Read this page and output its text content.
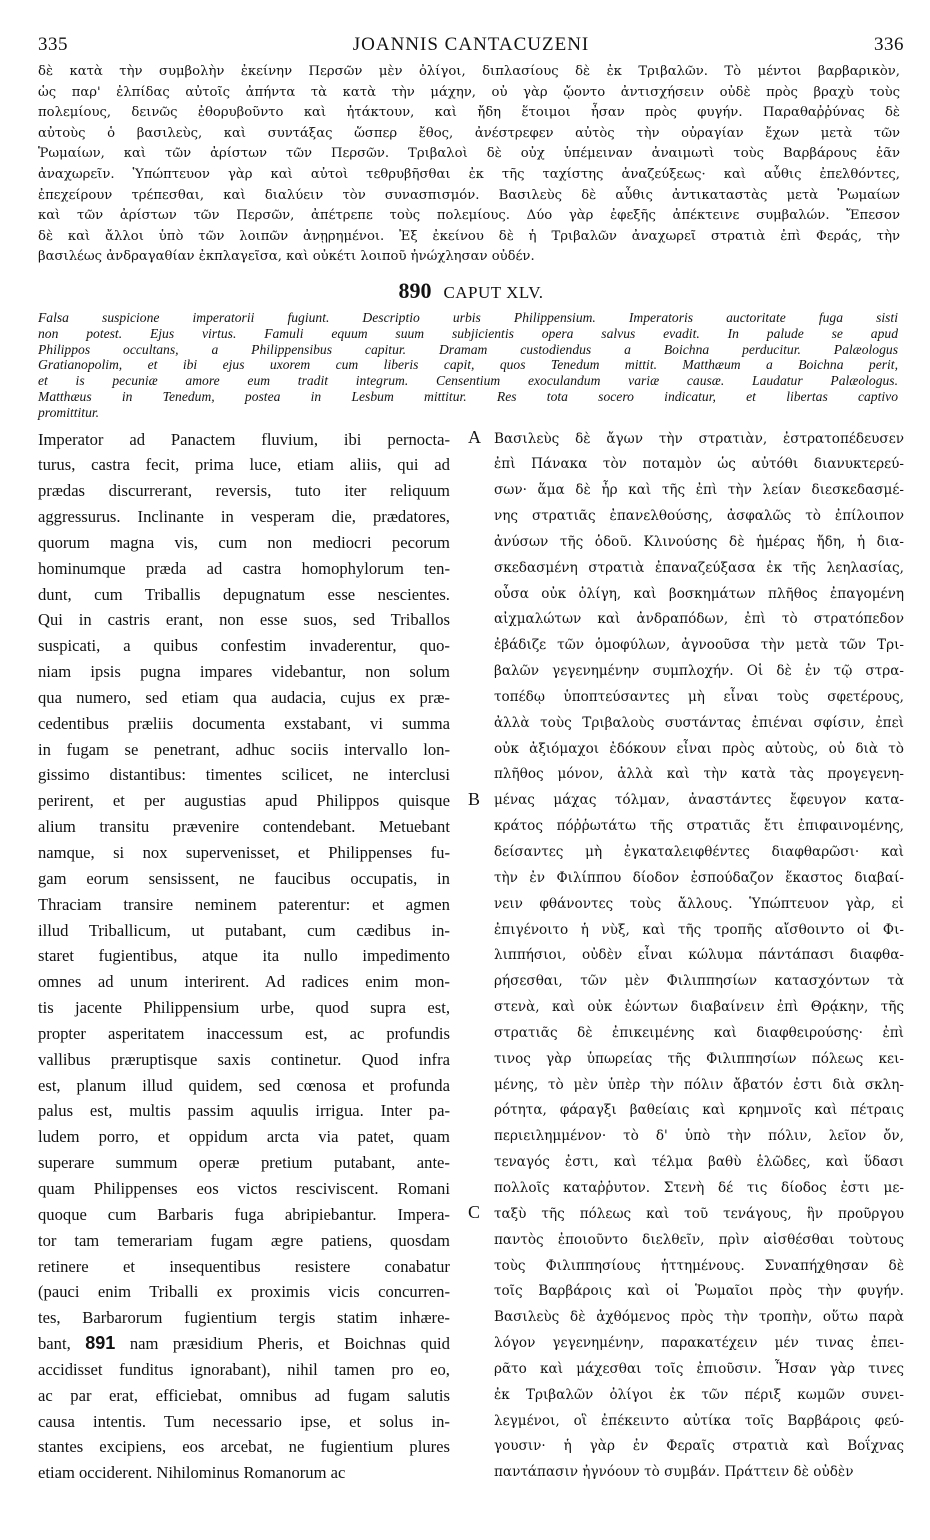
335	JOANNIS CANTACUZENI	336
δὲ κατὰ τὴν συμβολὴν ἐκείνην Περσῶν μὲν ὀλίγοι, διπλασίους δὲ ἐκ Τριβαλῶν. Τὸ μέντοι βαρβαρικὸν,
ὡς παρ' ἐλπίδας αὐτοῖς ἀπήντα τὰ κατὰ τὴν μάχην, οὐ γὰρ ᾤοντο ἀντισχήσειν οὐδὲ πρὸς βραχὺ τοὺς
πολεμίους, δεινῶς ἐθορυβοῦντο καὶ ἠτάκτουν, καὶ ἤδη ἕτοιμοι ἦσαν πρὸς φυγήν. Παραθαῤῥύνας δὲ
αὐτοὺς ὁ βασιλεὺς, καὶ συντάξας ὥσπερ ἔθος, ἀνέστρεφεν αὐτὸς τὴν οὐραγίαν ἔχων μετὰ τῶν
Ῥωμαίων, καὶ τῶν ἀρίστων τῶν Περσῶν. Τριβαλοὶ δὲ οὐχ ὑπέμειναν ἀναιμωτὶ τοὺς Βαρβάρους ἐᾶν
ἀναχωρεῖν. Ὑπώπτευον γὰρ καὶ αὐτοὶ τεθρυβῆσθαι ἐκ τῆς ταχίστης ἀναζεύξεως· καὶ αὖθις ἐπελθόντες,
ἐπεχείρουν τρέπεσθαι, καὶ διαλύειν τὸν συνασπισμόν. Βασιλεὺς δὲ αὖθις ἀντικαταστὰς μετὰ Ῥωμαίων
καὶ τῶν ἀρίστων τῶν Περσῶν, ἀπέτρεπε τοὺς πολεμίους. Δύο γὰρ ἐφεξῆς ἀπέκτεινε συμβαλών. Ἔπεσον
δὲ καὶ ἄλλοι ὑπὸ τῶν λοιπῶν ἀνῃρημένοι. Ἐξ ἐκείνου δὲ ἡ Τριβαλῶν ἀναχωρεῖ στρατιὰ ἐπὶ Φεράς, τὴν
βασιλέως ἀνδραγαθίαν ἐκπλαγεῖσα, καὶ οὐκέτι λοιποῦ ἠνώχλησαν οὐδέν.
890 CAPUT XLV.
Falsa suspicione imperatorii fugiunt. Descriptio urbis Philippensium. Imperatoris auctoritate fuga sisti
non potest. Ejus virtus. Famuli equum suum subjicientis opera salvus evadit. In palude se apud
Philippos occultans, a Philippensibus capitur. Dramam custodiendus a Boichna perducitur. Palæologus
Gratianopolim, et ibi ejus uxorem cum liberis capit, quos Tenedum mittit. Matthæum a Boichna perit,
et is pecuniæ amore eum tradit integrum. Censentium exoculandum variæ causæ. Laudatur Palæologus.
Matthæus in Tenedum, postea in Lesbum mittitur. Res tota socero indicatur, et libertas captivo
promittitur.
Imperator ad Panactem fluvium, ibi pernocta-
turus, castra fecit, prima luce, etiam aliis, qui ad
prædas discurrerant, reversis, tuto iter reliquum
aggressurus. Inclinante in vesperam die, prædatores,
quorum magna vis, cum non mediocri pecorum
hominumque præda ad castra homophylorum ten-
dunt, cum Triballis depugnatum esse nescientes.
Qui in castris erant, non esse suos, sed Triballos
suspicati, a quibus confestim invaderentur, quo-
niam ipsis pugna impares videbantur, non solum
qua numero, sed etiam qua audacia, cujus ex præ-
cedentibus præliis documenta exstabant, vi summa
in fugam se penetrant, adhuc sociis intervallo lon-
gissimo distantibus: timentes scilicet, ne interclusi
perirent, et per augustias apud Philippos quisque
alium transitu prævenire contendebant. Metuebant
namque, si nox supervenisset, et Philippenses fu-
gam eorum sensissent, ne faucibus occupatis, in
Thraciam transire neminem paterentur: et agmen
illud Triballicum, ut putabant, cum cædibus in-
staret fugientibus, atque ita nullo impedimento
omnes ad unum interirent. Ad radices enim mon-
tis jacente Philippensium urbe, quod supra est,
propter asperitatem inaccessum est, ac profundis
vallibus præruptisque saxis continetur. Quod infra
est, planum illud quidem, sed cœnosa et profunda
palus est, multis passim aquulis irrigua. Inter pa-
ludem porro, et oppidum arcta via patet, quam
superare summum operæ pretium putabant, ante-
quam Philippenses eos victos resciviscent. Romani
quoque cum Barbaris fuga abripiebantur. Impera-
tor tam temerariam fugam ægre patiens, quosdam
retinere et insequentibus resistere conabatur
(pauci enim Triballi ex proximis vicis concurren-
tes, Barbarorum fugientium tergis statim inhære-
bant, 891 nam præsidium Pheris, et Boichnas quid
accidisset funditus ignorabant), nihil tamen pro eo,
ac par erat, efficiebat, omnibus ad fugam salutis
causa intentis. Tum necessario ipse, et solus in-
stantes excipiens, eos arcebat, ne fugientium plures
etiam occiderent. Nihilominus Romanorum ac
Βασιλεὺς δὲ ἄγων τὴν στρατιὰν, ἐστρατοπέδευσεν
ἐπὶ Πάνακα τὸν ποταμὸν ὡς αὐτόθι διανυκτερεύ-
σων· ἅμα δὲ ἦρ καὶ τῆς ἐπὶ τὴν λείαν διεσκεδασμέ-
νης στρατιᾶς ἐπανελθούσης, ἀσφαλῶς τὸ ἐπίλοιπον
ἀνύσων τῆς ὁδοῦ. Κλινούσης δὲ ἡμέρας ἤδη, ἡ δια-
σκεδασμένη στρατιὰ ἐπαναζεύξασα ἐκ τῆς λεηλασίας,
οὖσα οὐκ ὀλίγη, καὶ βοσκημάτων πλῆθος ἐπαγομένη
αἰχμαλώτων καὶ ἀνδραπόδων, ἐπὶ τὸ στρατόπεδον
ἐβάδιζε τῶν ὁμοφύλων, ἀγνοοῦσα τὴν μετὰ τῶν Τρι-
βαλῶν γεγενημένην συμπλοχήν. Οἱ δὲ ἐν τῷ στρα-
τοπέδῳ ὑποπτεύσαντες μὴ εἶναι τοὺς σφετέρους,
ἀλλὰ τοὺς Τριβαλοὺς συστάντας ἐπιέναι σφίσιν, ἐπεὶ
οὐκ ἀξιόμαχοι ἐδόκουν εἶναι πρὸς αὐτοὺς, οὐ διὰ τὸ
πλῆθος μόνον, ἀλλὰ καὶ τὴν κατὰ τὰς προγεγενη-
μένας μάχας τόλμαν, ἀναστάντες ἔφευγον κατα-
κράτος πόῤῥωτάτω τῆς στρατιᾶς ἔτι ἐπιφαινομένης,
δείσαντες μὴ ἐγκαταλειφθέντες διαφθαρῶσι· καὶ
τὴν ἐν Φιλίππου δίοδον ἐσπούδαζον ἕκαστος διαβαί-
νειν φθάνοντες τοὺς ἄλλους. Ὑπώπτευον γὰρ, εἰ
ἐπιγένοιτο ἡ νὺξ, καὶ τῆς τροπῆς αἴσθοιντο οἱ Φι-
λιππήσιοι, οὐδὲν εἶναι κώλυμα πάντάπασι διαφθα-
ρήσεσθαι, τῶν μὲν Φιλιππησίων κατασχόντων τὰ
στενὰ, καὶ οὐκ ἐώντων διαβαίνειν ἐπὶ Θρᾴκην, τῆς
στρατιᾶς δὲ ἐπικειμένης καὶ διαφθειρούσης· ἐπὶ
τινος γὰρ ὑπωρείας τῆς Φιλιππησίων πόλεως κει-
μένης, τὸ μὲν ὑπὲρ τὴν πόλιν ἄβατόν ἐστι διὰ σκλη-
ρότητα, φάραγξι βαθείαις καὶ κρημνοῖς καὶ πέτραις
περιειλημμένον· τὸ δ' ὑπὸ τὴν πόλιν, λεῖον ὄν,
τεναγός ἐστι, καὶ τέλμα βαθὺ ἑλῶδες, καὶ ὕδασι
πολλοῖς καταῤῥυτον. Στενὴ δέ τις δίοδος ἐστι με-
ταξὺ τῆς πόλεως καὶ τοῦ τενάγους, ἣν προῦργου
παντὸς ἐποιοῦντο διελθεῖν, πρὶν αἰσθέσθαι τοὺτους
τοὺς Φιλιππησίους ἡττημένους. Συναπήχθησαν δὲ
τοῖς Βαρβάροις καὶ οἱ Ῥωμαῖοι πρὸς τὴν φυγήν.
Βασιλεὺς δὲ ἀχθόμενος πρὸς τὴν τροπὴν, οὕτω παρὰ
λόγον γεγενημένην, παρακατέχειν μέν τινας ἐπει-
ρᾶτο καὶ μάχεσθαι τοῖς ἐπιοῦσιν. Ἦσαν γὰρ τινες
ἐκ Τριβαλῶν ὀλίγοι ἐκ τῶν πέριξ κωμῶν συνει-
λεγμένοι, οἳ ἐπέκειντο αὐτίκα τοῖς Βαρβάροις φεύ-
γουσιν· ἡ γὰρ ἐν Φεραῖς στρατιὰ καὶ Βοΐχνας
παντάπασιν ἠγνόουν τὸ συμβάν. Πράττειν δὲ οὐδὲν
A
B
C
